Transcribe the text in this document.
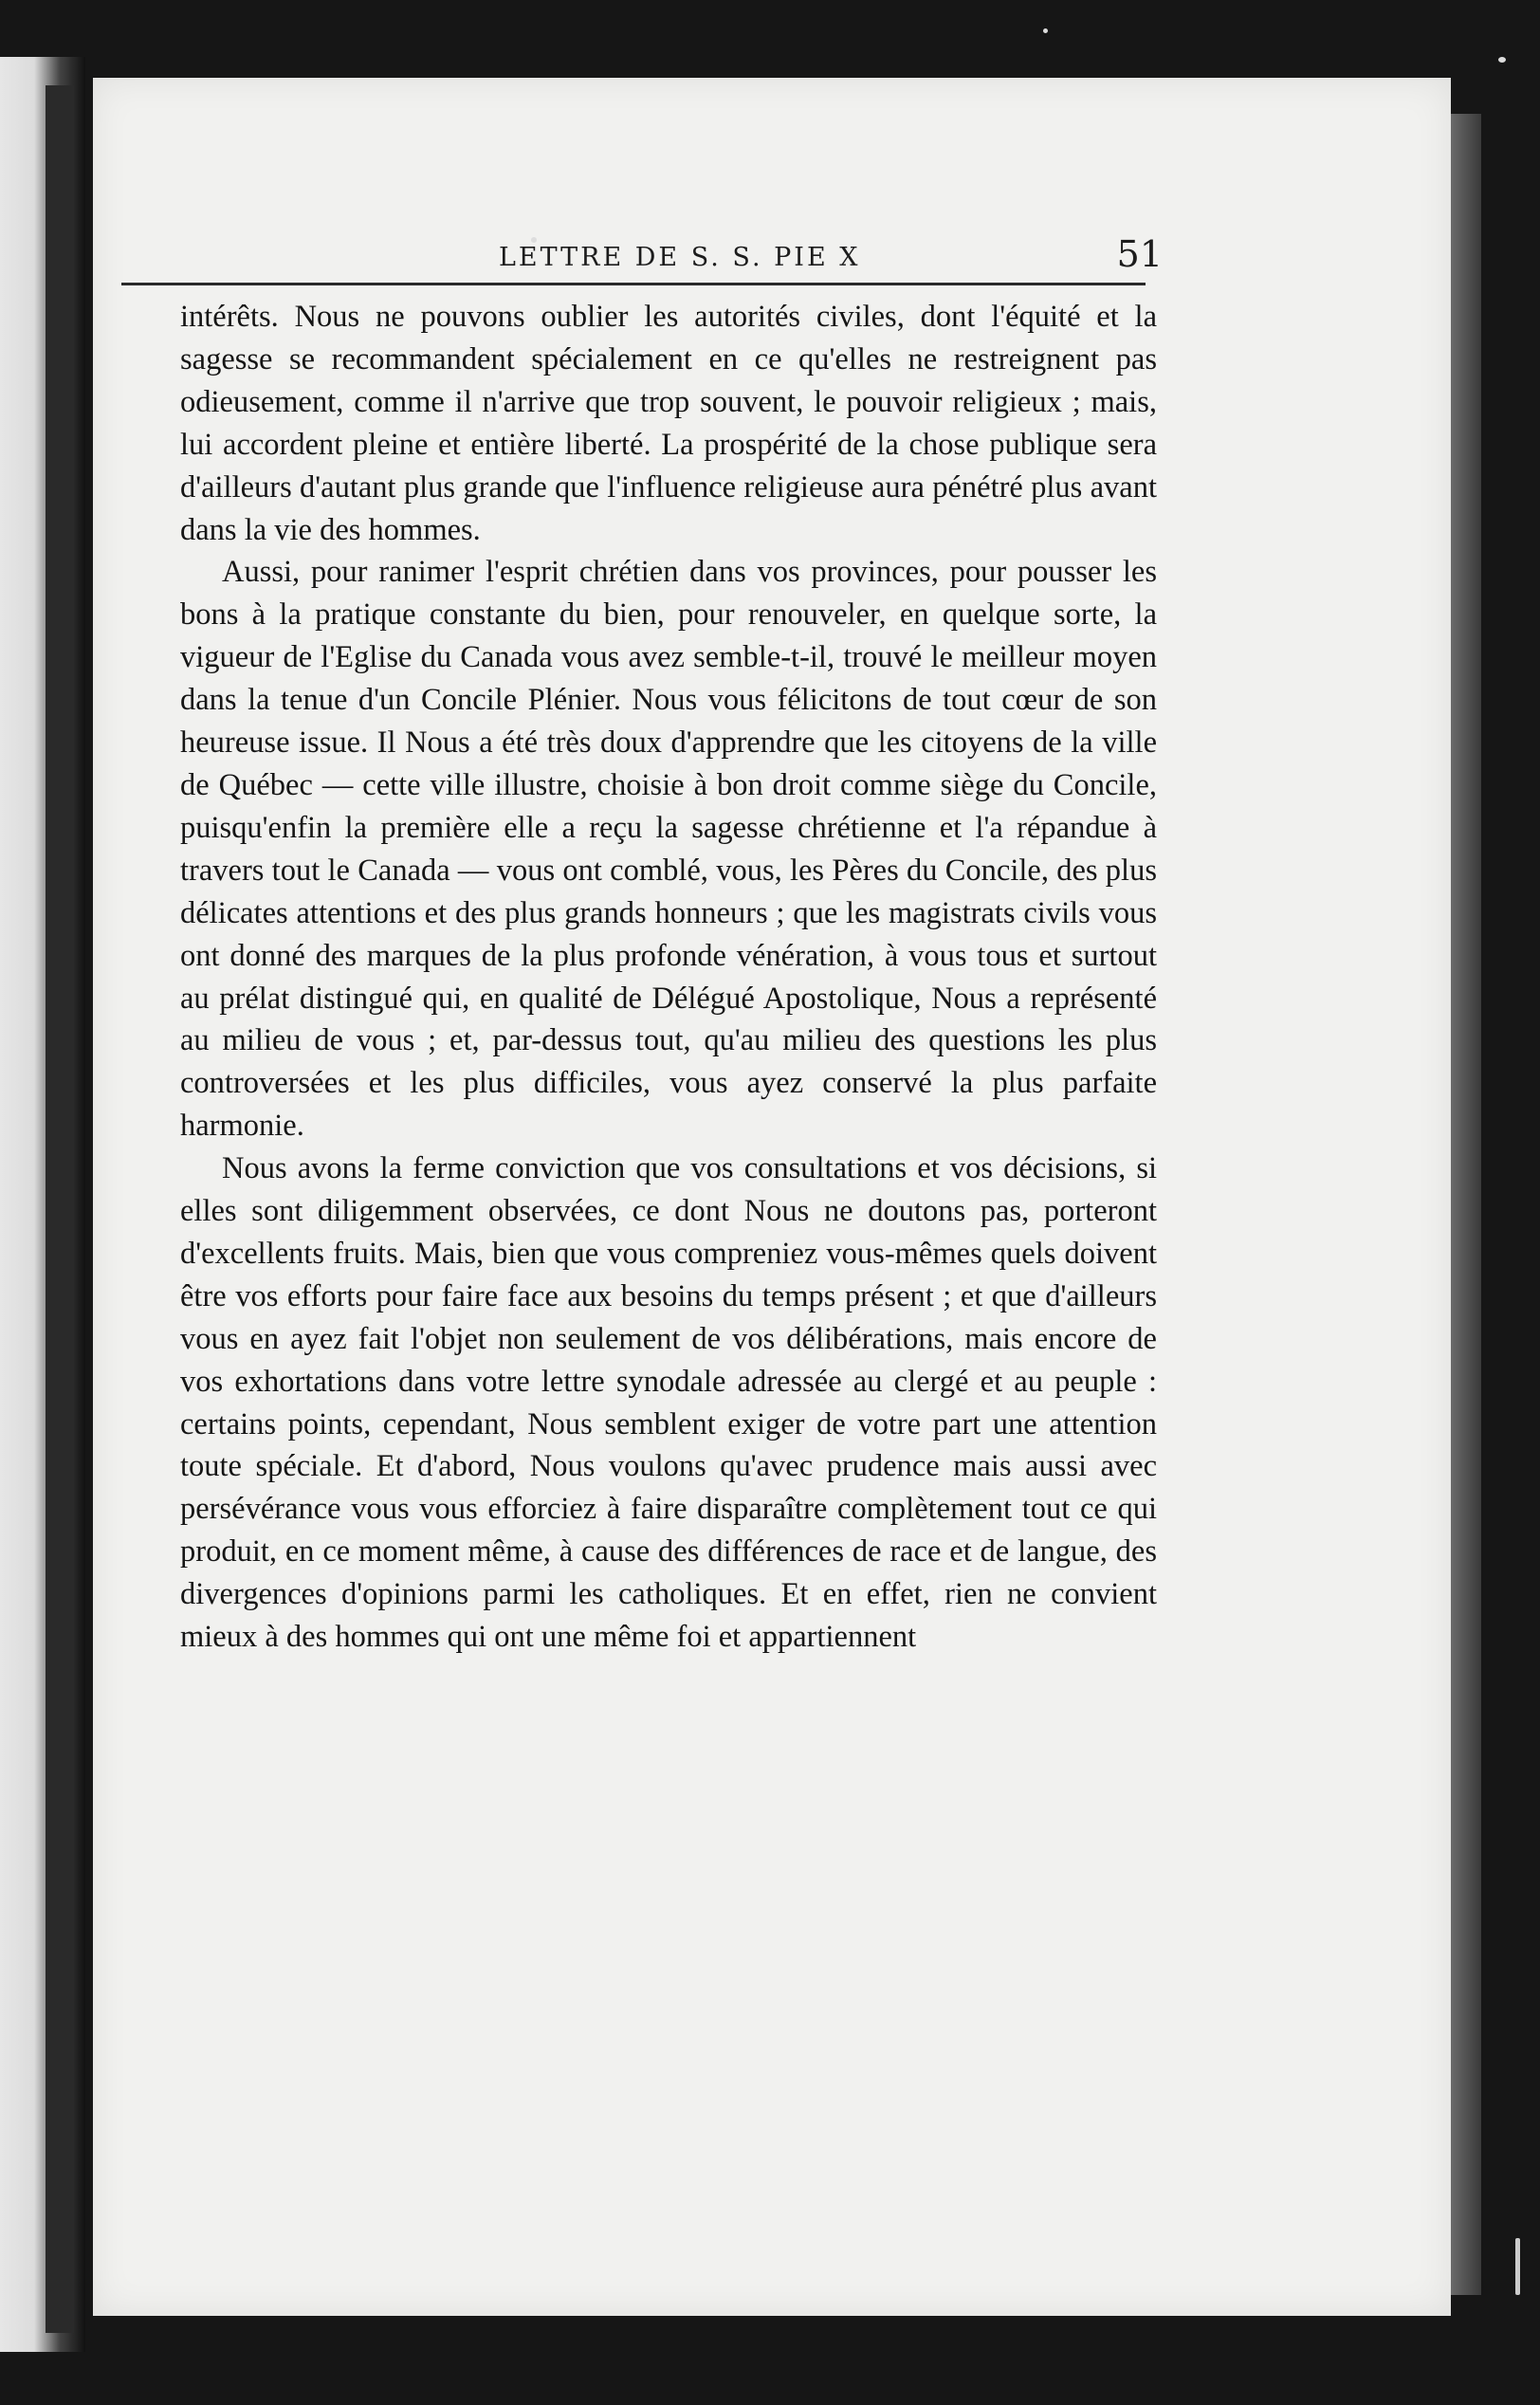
LETTRE DE S. S. PIE X	51

intérêts. Nous ne pouvons oublier les autorités civiles, dont l'équité et la sagesse se recommandent spécialement en ce qu'elles ne restreignent pas odieusement, comme il n'arrive que trop souvent, le pouvoir religieux ; mais, lui accordent pleine et entière liberté. La prospérité de la chose publique sera d'ailleurs d'autant plus grande que l'influence religieuse aura pénétré plus avant dans la vie des hommes.

Aussi, pour ranimer l'esprit chrétien dans vos provinces, pour pousser les bons à la pratique constante du bien, pour renouveler, en quelque sorte, la vigueur de l'Eglise du Canada vous avez semble-t-il, trouvé le meilleur moyen dans la tenue d'un Concile Plénier. Nous vous félicitons de tout cœur de son heureuse issue. Il Nous a été très doux d'apprendre que les citoyens de la ville de Québec — cette ville illustre, choisie à bon droit comme siège du Concile, puisqu'enfin la première elle a reçu la sagesse chrétienne et l'a répandue à travers tout le Canada — vous ont comblé, vous, les Pères du Concile, des plus délicates attentions et des plus grands honneurs ; que les magistrats civils vous ont donné des marques de la plus profonde vénération, à vous tous et surtout au prélat distingué qui, en qualité de Délégué Apostolique, Nous a représenté au milieu de vous ; et, par-dessus tout, qu'au milieu des questions les plus controversées et les plus difficiles, vous ayez conservé la plus parfaite harmonie.

Nous avons la ferme conviction que vos consultations et vos décisions, si elles sont diligemment observées, ce dont Nous ne doutons pas, porteront d'excellents fruits. Mais, bien que vous compreniez vous-mêmes quels doivent être vos efforts pour faire face aux besoins du temps présent ; et que d'ailleurs vous en ayez fait l'objet non seulement de vos délibérations, mais encore de vos exhortations dans votre lettre synodale adressée au clergé et au peuple : certains points, cependant, Nous semblent exiger de votre part une attention toute spéciale. Et d'abord, Nous voulons qu'avec prudence mais aussi avec persévérance vous vous efforciez à faire disparaître complètement tout ce qui produit, en ce moment même, à cause des différences de race et de langue, des divergences d'opinions parmi les catholiques. Et en effet, rien ne convient mieux à des hommes qui ont une même foi et appartiennent
